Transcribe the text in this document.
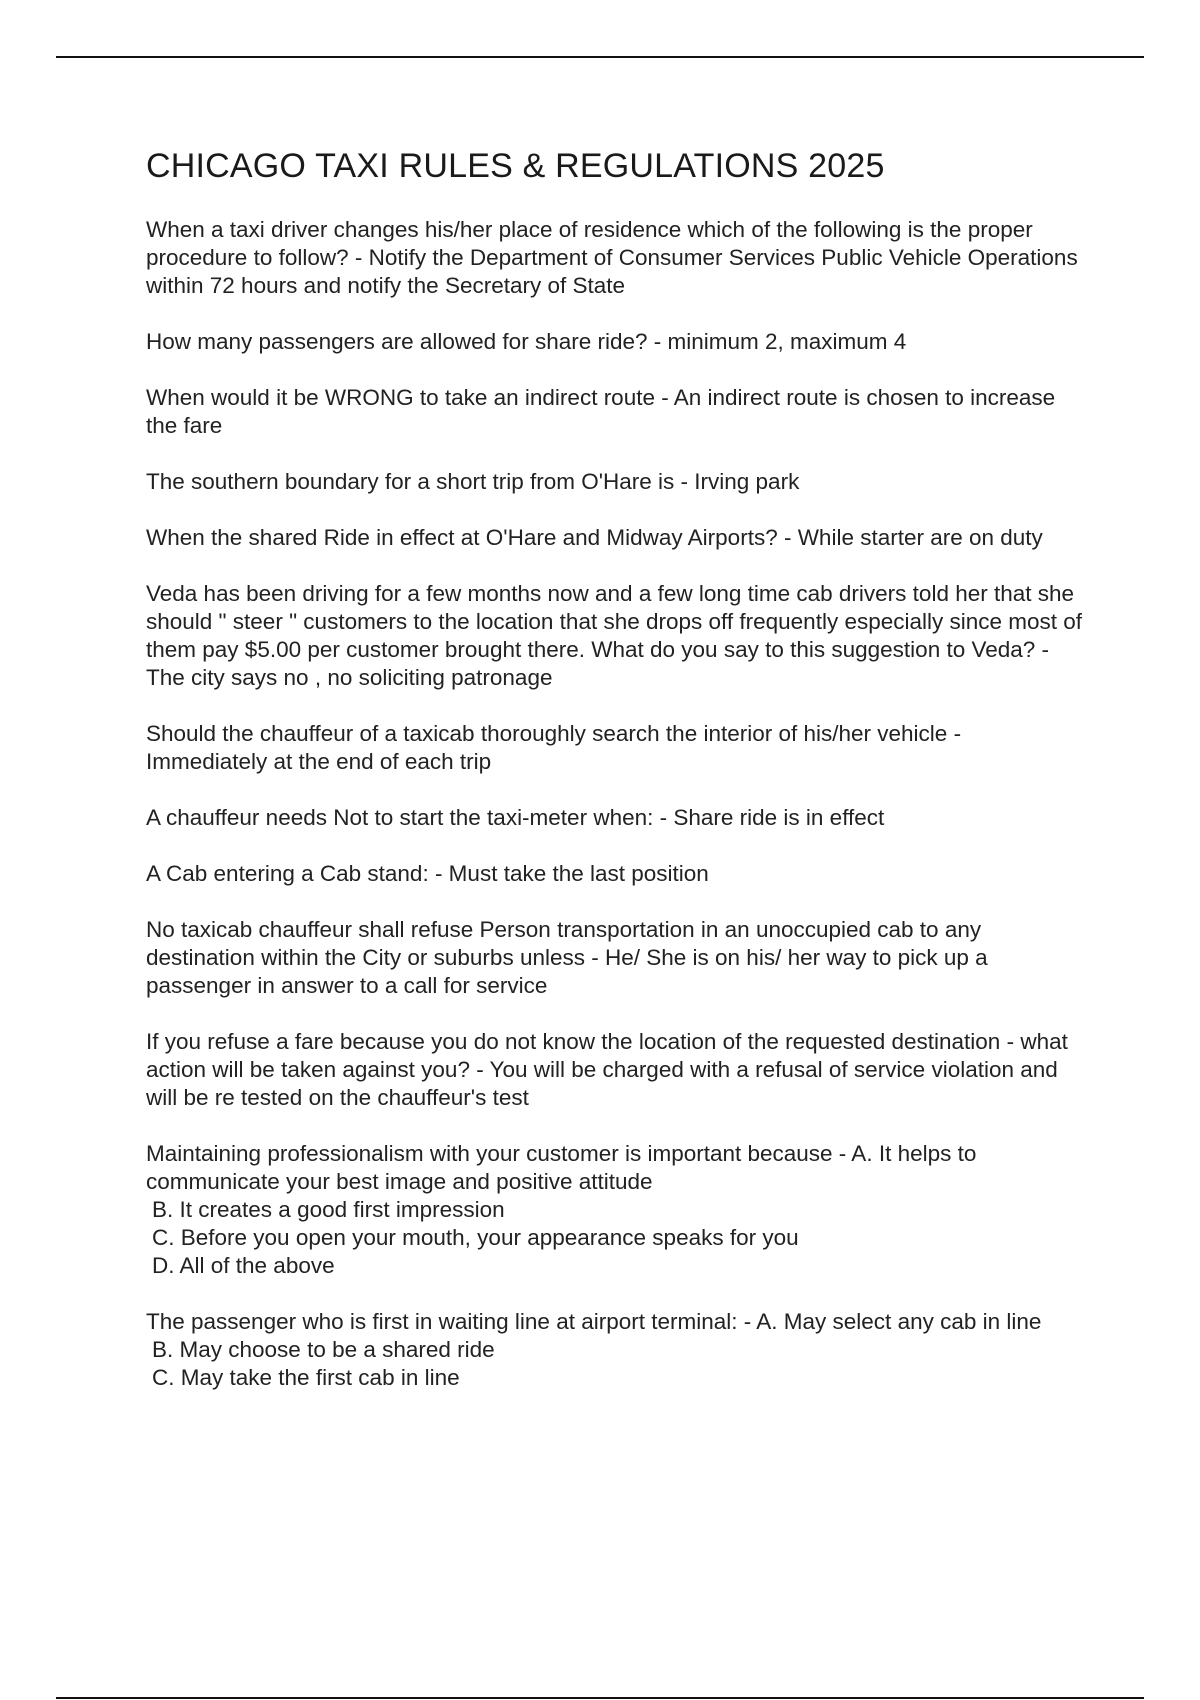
CHICAGO TAXI RULES & REGULATIONS 2025

When a taxi driver changes his/her place of residence which of the following is the proper procedure to follow? - Notify the Department of Consumer Services Public Vehicle Operations within 72 hours and notify the Secretary of State

How many passengers are allowed for share ride? - minimum 2, maximum 4

When would it be WRONG to take an indirect route - An indirect route is chosen to increase the fare

The southern boundary for a short trip from O'Hare is - Irving park

When the shared Ride in effect at O'Hare and Midway Airports? - While starter are on duty

Veda has been driving for a few months now and a few long time cab drivers told her that she should " steer " customers to the location that she drops off frequently especially since most of them pay $5.00 per customer brought there. What do you say to this suggestion to Veda? - The city says no , no soliciting patronage

Should the chauffeur of a taxicab thoroughly search the interior of his/her vehicle - Immediately at the end of each trip

A chauffeur needs Not to start the taxi-meter when: - Share ride is in effect

A Cab entering a Cab stand: - Must take the last position

No taxicab chauffeur shall refuse Person transportation in an unoccupied cab to any destination within the City or suburbs unless - He/ She is on his/ her way to pick up a passenger in answer to a call for service

If you refuse a fare because you do not know the location of the requested destination - what action will be taken against you? - You will be charged with a refusal of service violation and will be re tested on the chauffeur's test

Maintaining professionalism with your customer is important because - A. It helps to communicate your best image and positive attitude

B. It creates a good first impression

C. Before you open your mouth, your appearance speaks for you

D. All of the above

The passenger who is first in waiting line at airport terminal: - A. May select any cab in line

B. May choose to be a shared ride

C. May take the first cab in line
